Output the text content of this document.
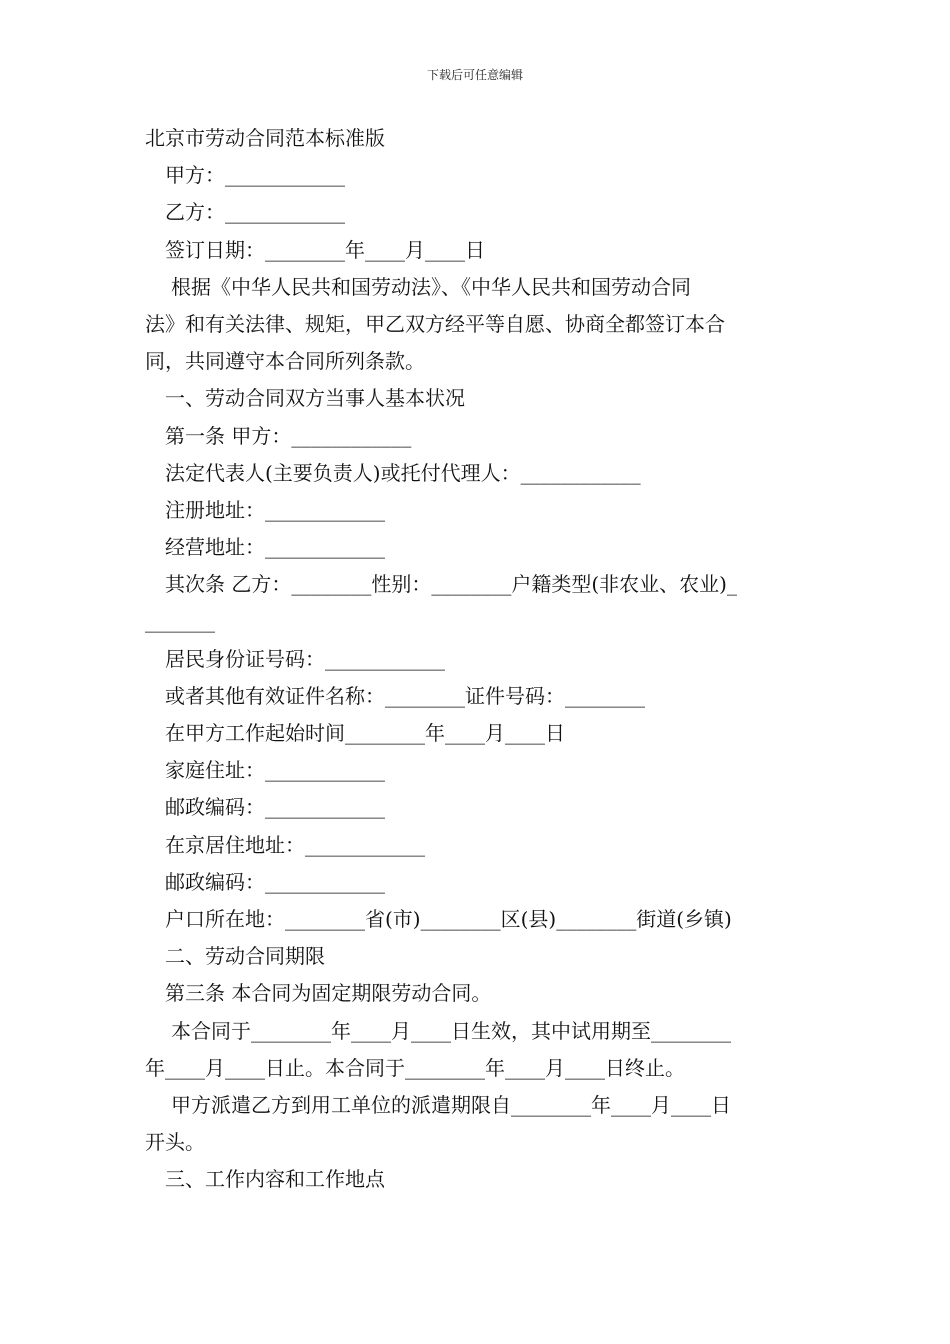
下载后可任意编辑
北京市劳动合同范本标准版
甲方：____________
乙方：____________
签订日期：________年____月____日
根据《中华人民共和国劳动法》、《中华人民共和国劳动合同
法》和有关法律、规矩，甲乙双方经平等自愿、协商全都签订本合
同，共同遵守本合同所列条款。
一、劳动合同双方当事人基本状况
第一条 甲方：____________
法定代表人(主要负责人)或托付代理人：____________
注册地址：____________
经营地址：____________
其次条 乙方：________性别：________户籍类型(非农业、农业)_
_______
居民身份证号码：____________
或者其他有效证件名称：________证件号码：________
在甲方工作起始时间________年____月____日
家庭住址：____________
邮政编码：____________
在京居住地址：____________
邮政编码：____________
户口所在地：________省(市)________区(县)________街道(乡镇)
二、劳动合同期限
第三条 本合同为固定期限劳动合同。
本合同于________年____月____日生效，其中试用期至________
年____月____日止。本合同于________年____月____日终止。
甲方派遣乙方到用工单位的派遣期限自________年____月____日
开头。
三、工作内容和工作地点
